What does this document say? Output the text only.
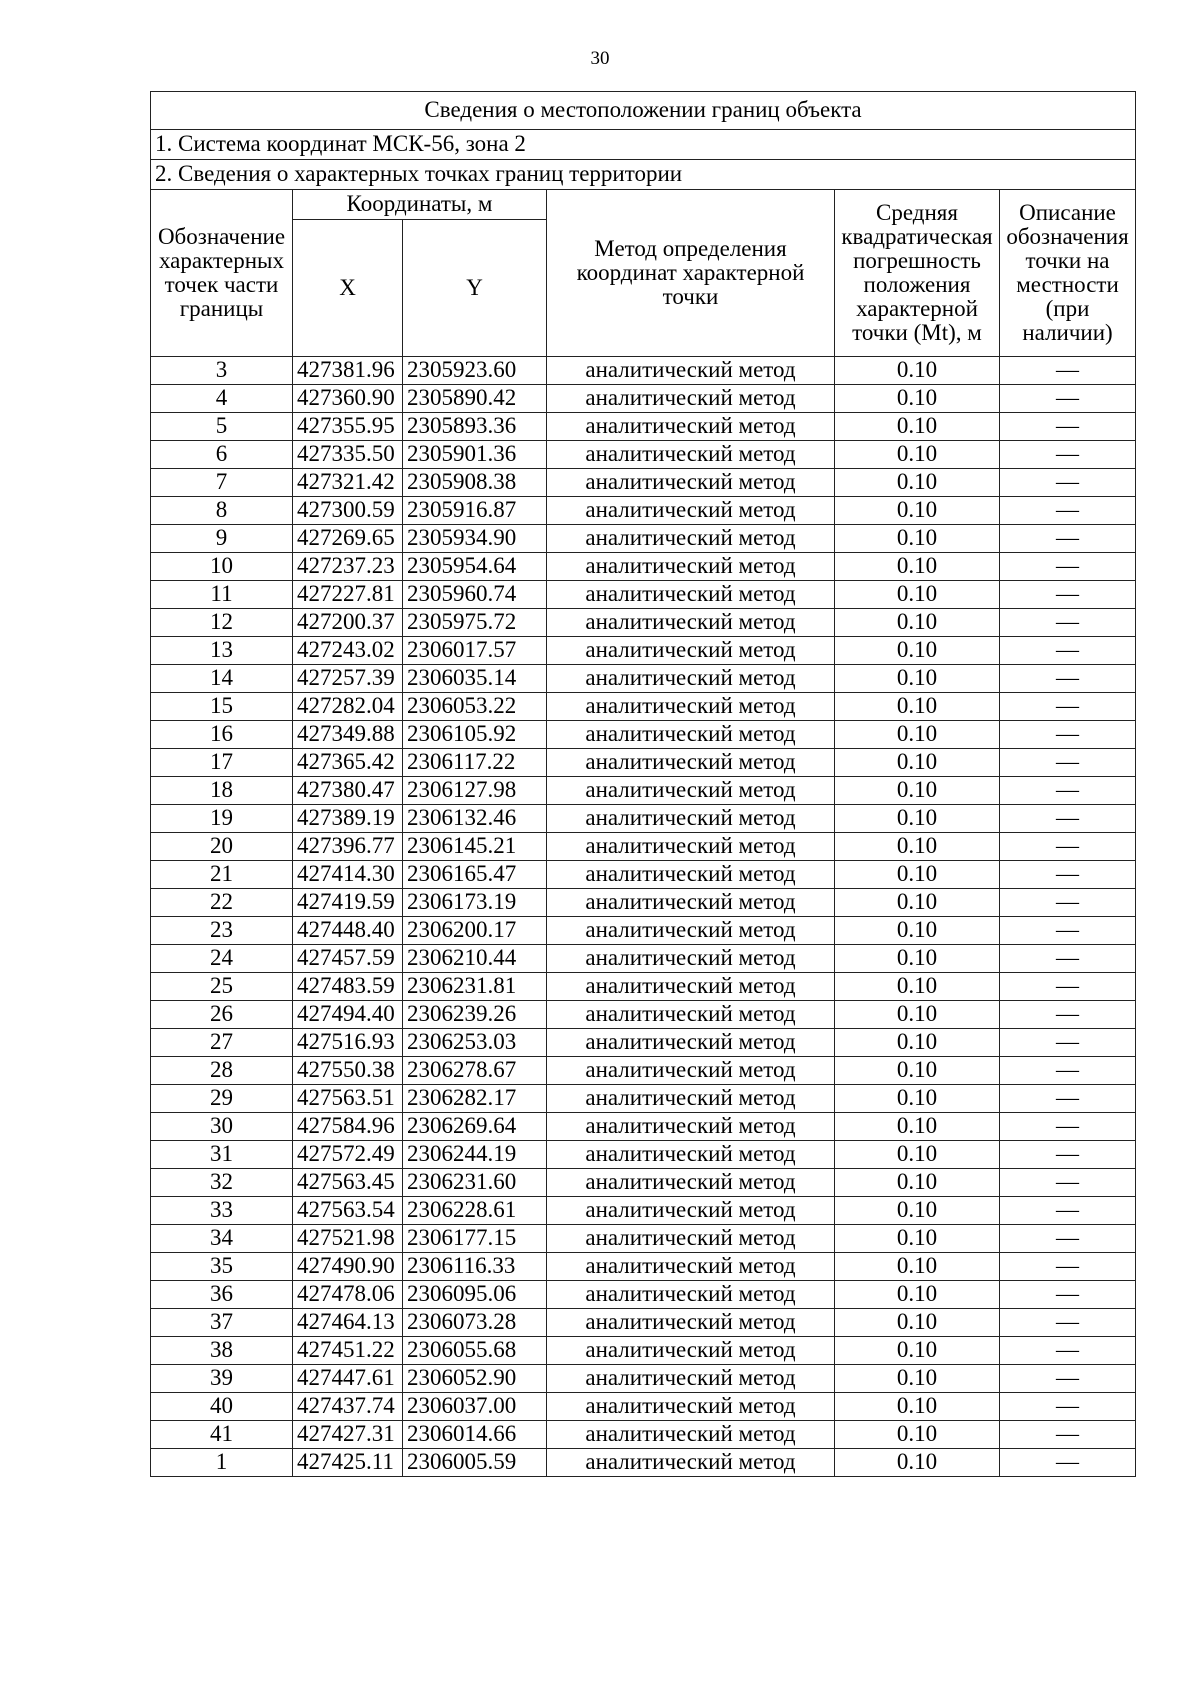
30
Сведения о местоположении границ объекта					
1. Система координат МСК-56, зона 2					
2. Сведения о характерных точках границ территории					
Обозначение характерных точек части границы	Координаты, м		Метод определения координат характерной точки	Средняя квадратическая погрешность положения характерной точки (Mt), м	Описание обозначения точки на местности (при наличии)
	X	Y			
3	427381.96	2305923.60	аналитический метод	0.10	—
4	427360.90	2305890.42	аналитический метод	0.10	—
5	427355.95	2305893.36	аналитический метод	0.10	—
6	427335.50	2305901.36	аналитический метод	0.10	—
7	427321.42	2305908.38	аналитический метод	0.10	—
8	427300.59	2305916.87	аналитический метод	0.10	—
9	427269.65	2305934.90	аналитический метод	0.10	—
10	427237.23	2305954.64	аналитический метод	0.10	—
11	427227.81	2305960.74	аналитический метод	0.10	—
12	427200.37	2305975.72	аналитический метод	0.10	—
13	427243.02	2306017.57	аналитический метод	0.10	—
14	427257.39	2306035.14	аналитический метод	0.10	—
15	427282.04	2306053.22	аналитический метод	0.10	—
16	427349.88	2306105.92	аналитический метод	0.10	—
17	427365.42	2306117.22	аналитический метод	0.10	—
18	427380.47	2306127.98	аналитический метод	0.10	—
19	427389.19	2306132.46	аналитический метод	0.10	—
20	427396.77	2306145.21	аналитический метод	0.10	—
21	427414.30	2306165.47	аналитический метод	0.10	—
22	427419.59	2306173.19	аналитический метод	0.10	—
23	427448.40	2306200.17	аналитический метод	0.10	—
24	427457.59	2306210.44	аналитический метод	0.10	—
25	427483.59	2306231.81	аналитический метод	0.10	—
26	427494.40	2306239.26	аналитический метод	0.10	—
27	427516.93	2306253.03	аналитический метод	0.10	—
28	427550.38	2306278.67	аналитический метод	0.10	—
29	427563.51	2306282.17	аналитический метод	0.10	—
30	427584.96	2306269.64	аналитический метод	0.10	—
31	427572.49	2306244.19	аналитический метод	0.10	—
32	427563.45	2306231.60	аналитический метод	0.10	—
33	427563.54	2306228.61	аналитический метод	0.10	—
34	427521.98	2306177.15	аналитический метод	0.10	—
35	427490.90	2306116.33	аналитический метод	0.10	—
36	427478.06	2306095.06	аналитический метод	0.10	—
37	427464.13	2306073.28	аналитический метод	0.10	—
38	427451.22	2306055.68	аналитический метод	0.10	—
39	427447.61	2306052.90	аналитический метод	0.10	—
40	427437.74	2306037.00	аналитический метод	0.10	—
41	427427.31	2306014.66	аналитический метод	0.10	—
1	427425.11	2306005.59	аналитический метод	0.10	—
